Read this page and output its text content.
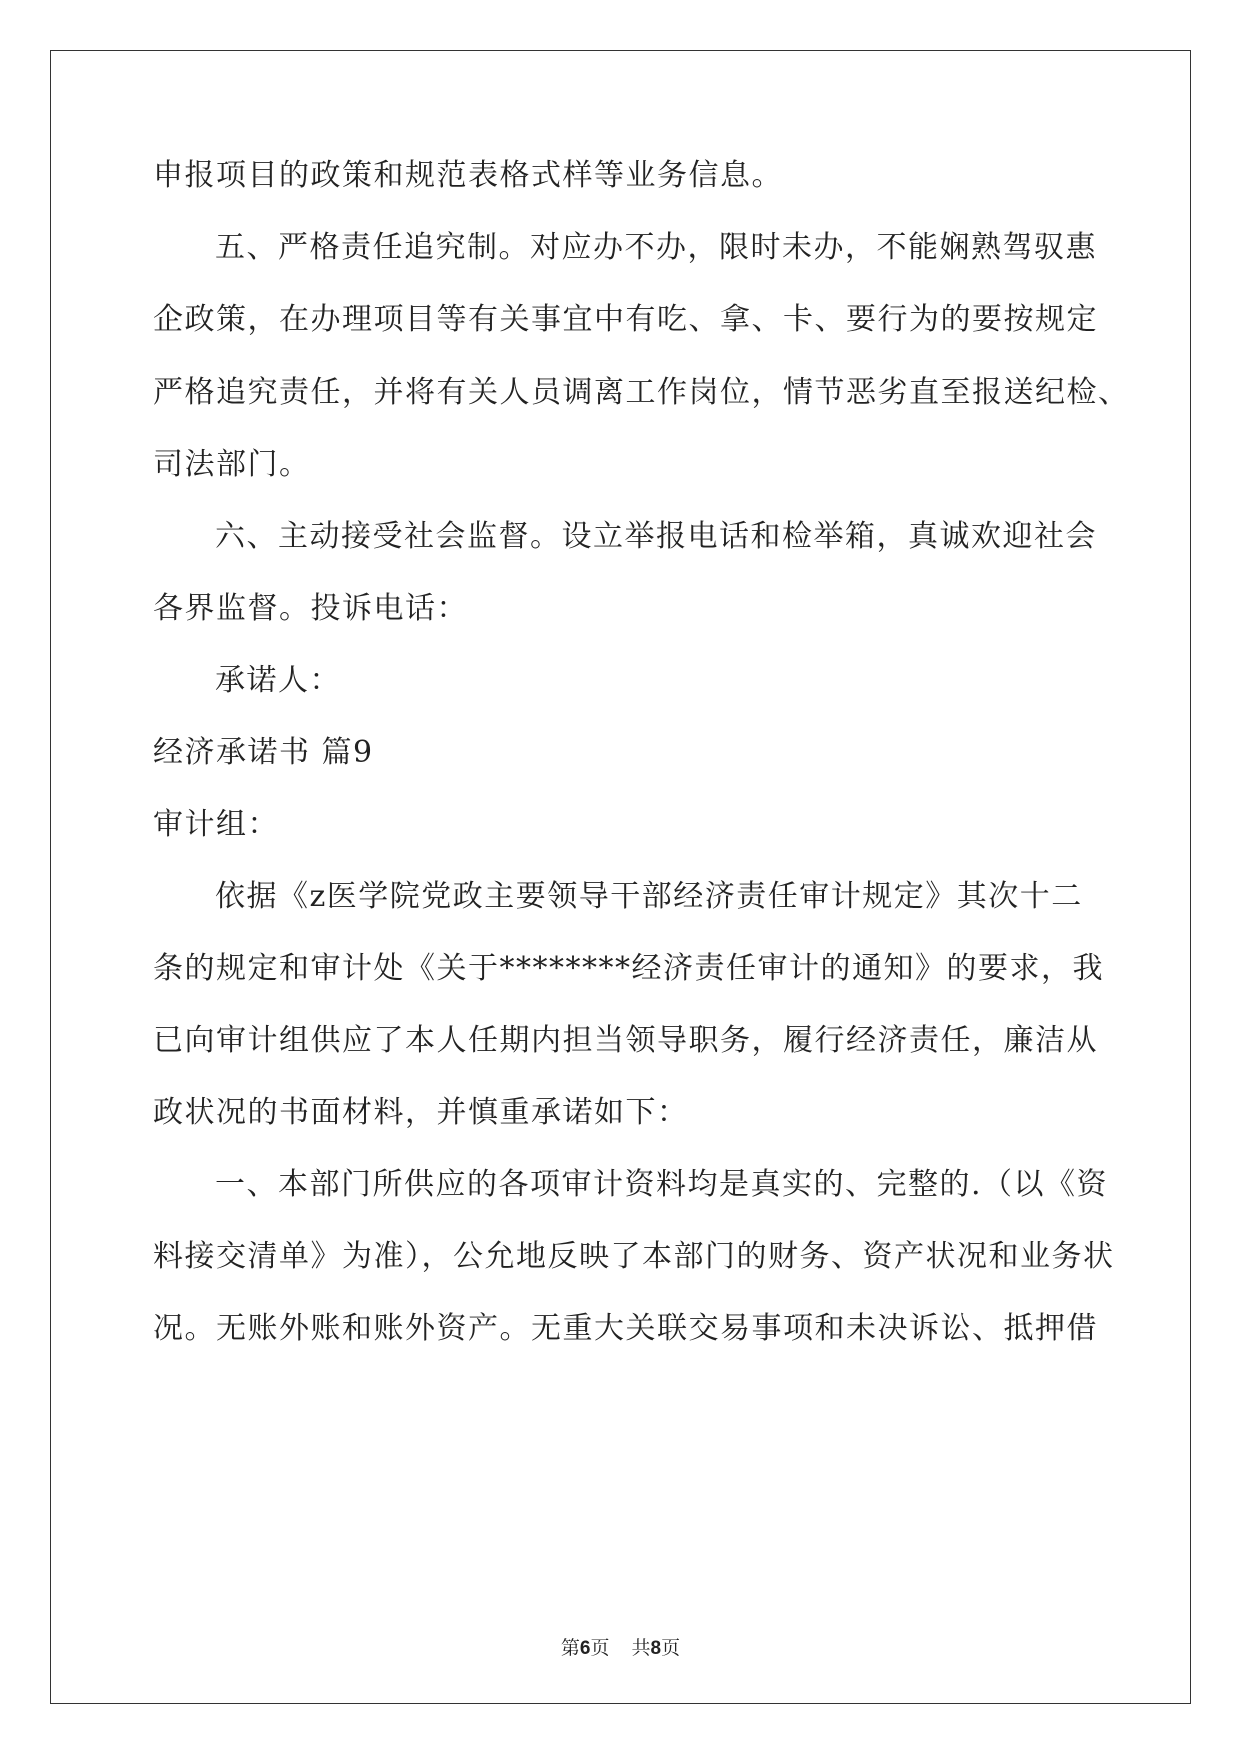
申报项目的政策和规范表格式样等业务信息。
五、严格责任追究制。对应办不办，限时未办，不能娴熟驾驭惠
企政策，在办理项目等有关事宜中有吃、拿、卡、要行为的要按规定
严格追究责任，并将有关人员调离工作岗位，情节恶劣直至报送纪检、
司法部门。
六、主动接受社会监督。设立举报电话和检举箱，真诚欢迎社会
各界监督。投诉电话：
承诺人：
经济承诺书 篇9
审计组：
依据《z医学院党政主要领导干部经济责任审计规定》其次十二
条的规定和审计处《关于********经济责任审计的通知》的要求，我
已向审计组供应了本人任期内担当领导职务，履行经济责任，廉洁从
政状况的书面材料，并慎重承诺如下：
一、本部门所供应的各项审计资料均是真实的、完整的.（以《资
料接交清单》为准），公允地反映了本部门的财务、资产状况和业务状
况。无账外账和账外资产。无重大关联交易事项和未决诉讼、抵押借
第6页 共8页
